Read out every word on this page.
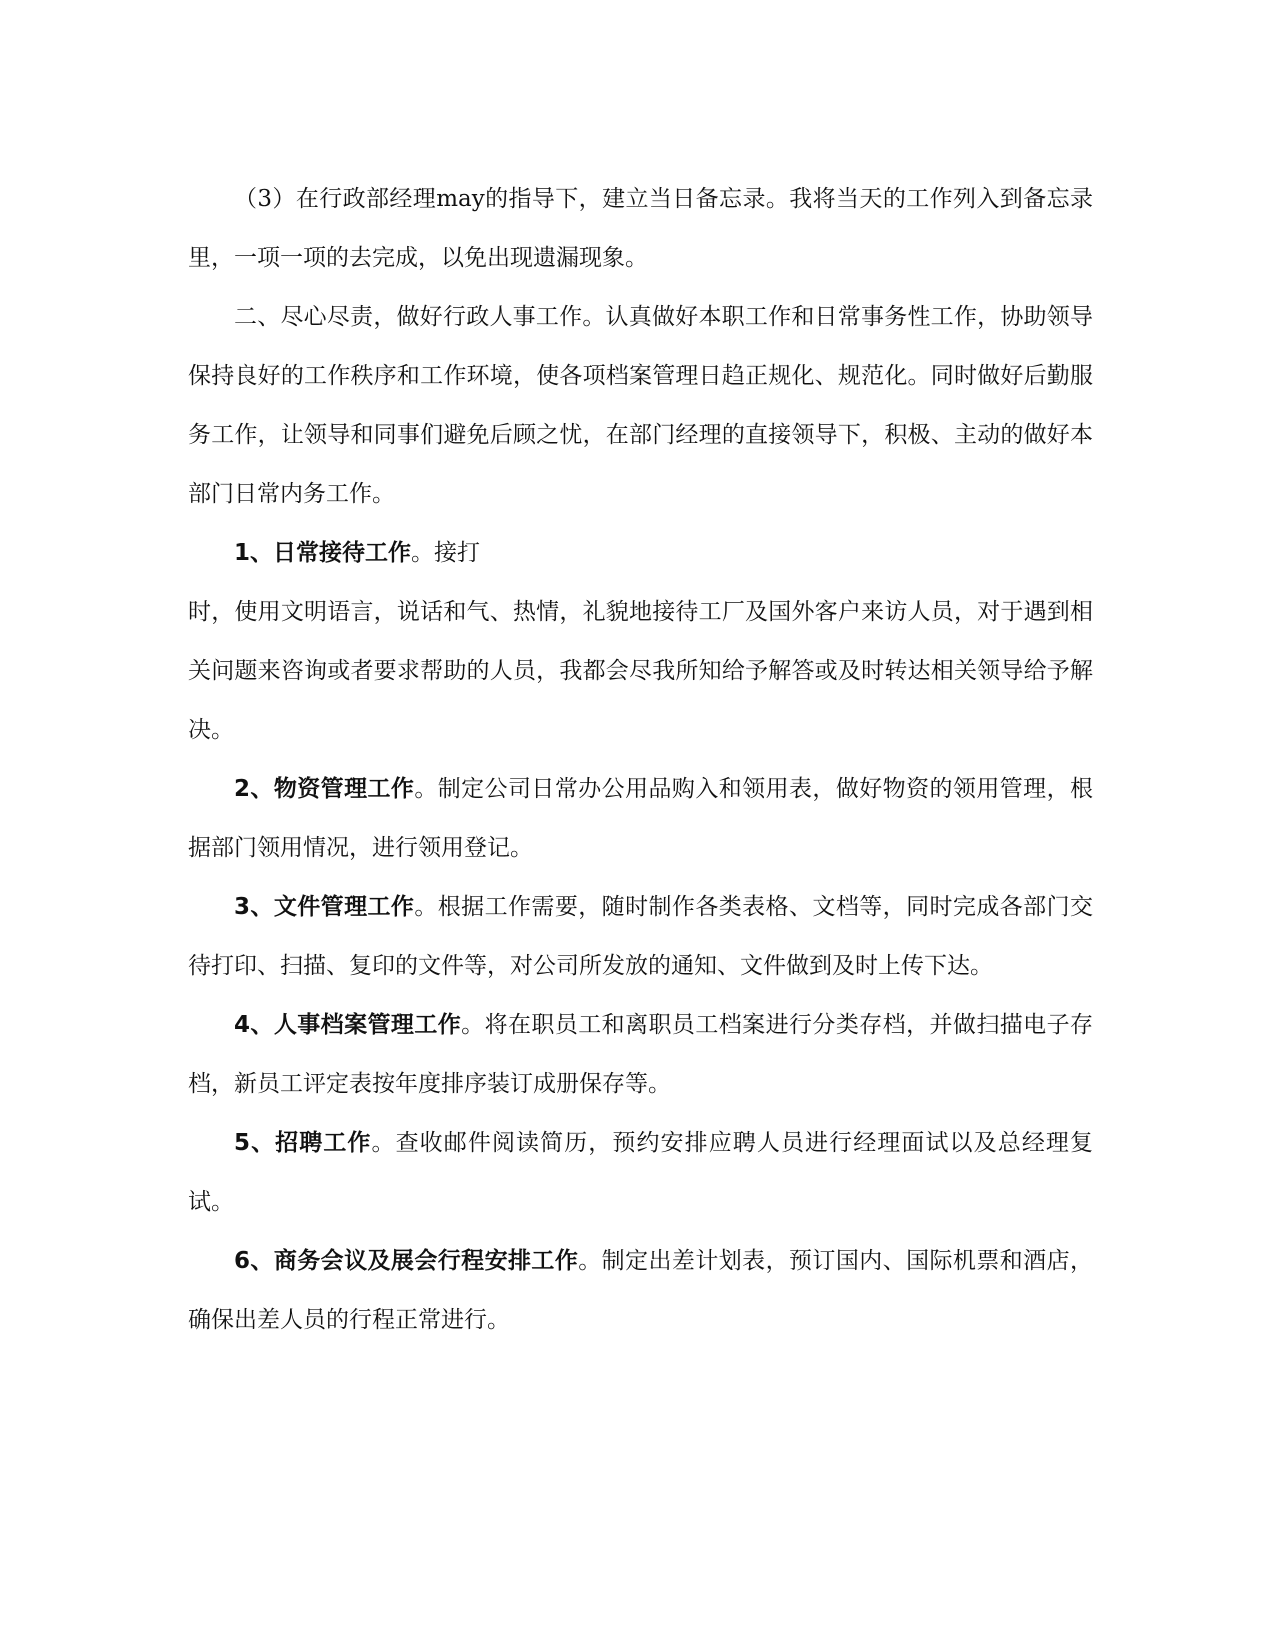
（3）在行政部经理may的指导下，建立当日备忘录。我将当天的工作列入到备忘录里，一项一项的去完成，以免出现遗漏现象。

二、尽心尽责，做好行政人事工作。认真做好本职工作和日常事务性工作，协助领导保持良好的工作秩序和工作环境，使各项档案管理日趋正规化、规范化。同时做好后勤服务工作，让领导和同事们避免后顾之忧，在部门经理的直接领导下，积极、主动的做好本部门日常内务工作。

1、日常接待工作。接打

时，使用文明语言，说话和气、热情，礼貌地接待工厂及国外客户来访人员，对于遇到相关问题来咨询或者要求帮助的人员，我都会尽我所知给予解答或及时转达相关领导给予解决。

2、物资管理工作。制定公司日常办公用品购入和领用表，做好物资的领用管理，根据部门领用情况，进行领用登记。

3、文件管理工作。根据工作需要，随时制作各类表格、文档等，同时完成各部门交待打印、扫描、复印的文件等，对公司所发放的通知、文件做到及时上传下达。

4、人事档案管理工作。将在职员工和离职员工档案进行分类存档，并做扫描电子存档，新员工评定表按年度排序装订成册保存等。

5、招聘工作。查收邮件阅读简历，预约安排应聘人员进行经理面试以及总经理复试。

6、商务会议及展会行程安排工作。制定出差计划表，预订国内、国际机票和酒店，确保出差人员的行程正常进行。
